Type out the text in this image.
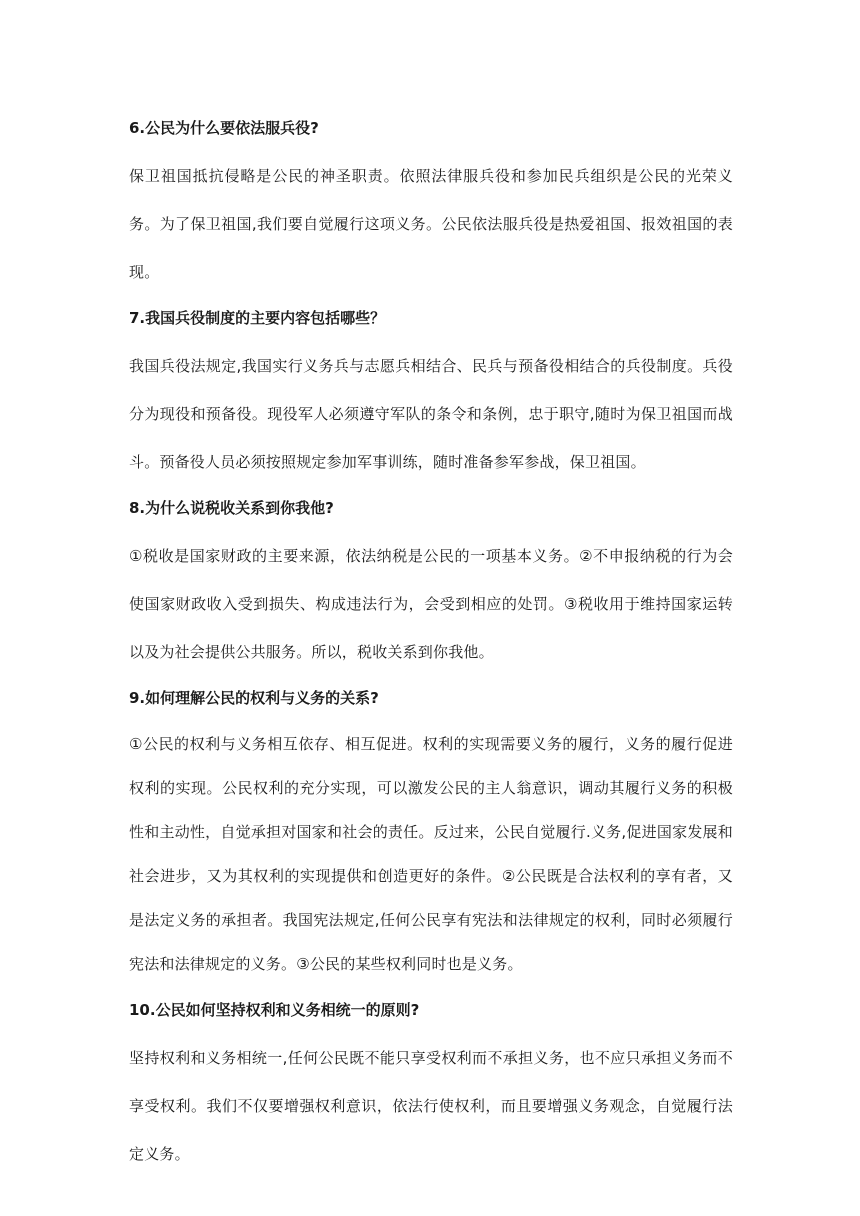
6.公民为什么要依法服兵役?

保卫祖国抵抗侵略是公民的神圣职责。依照法律服兵役和参加民兵组织是公民的光荣义务。为了保卫祖国,我们要自觉履行这项义务。公民依法服兵役是热爱祖国、报效祖国的表现。

7.我国兵役制度的主要内容包括哪些？

我国兵役法规定,我国实行义务兵与志愿兵相结合、民兵与预备役相结合的兵役制度。兵役分为现役和预备役。现役军人必须遵守军队的条令和条例，忠于职守,随时为保卫祖国而战斗。预备役人员必须按照规定参加军事训练，随时准备参军参战，保卫祖国。

8.为什么说税收关系到你我他?

①税收是国家财政的主要来源，依法纳税是公民的一项基本义务。②不申报纳税的行为会使国家财政收入受到损失、构成违法行为，会受到相应的处罚。③税收用于维持国家运转以及为社会提供公共服务。所以，税收关系到你我他。

9.如何理解公民的权利与义务的关系?

①公民的权利与义务相互依存、相互促进。权利的实现需要义务的履行，义务的履行促进权利的实现。公民权利的充分实现，可以激发公民的主人翁意识，调动其履行义务的积极性和主动性，自觉承担对国家和社会的责任。反过来，公民自觉履行.义务,促进国家发展和社会进步，又为其权利的实现提供和创造更好的条件。②公民既是合法权利的享有者，又是法定义务的承担者。我国宪法规定,任何公民享有宪法和法律规定的权利，同时必须履行宪法和法律规定的义务。③公民的某些权利同时也是义务。

10.公民如何坚持权利和义务相统一的原则?

坚持权利和义务相统一,任何公民既不能只享受权利而不承担义务，也不应只承担义务而不享受权利。我们不仅要增强权利意识，依法行使权利，而且要增强义务观念，自觉履行法定义务。
